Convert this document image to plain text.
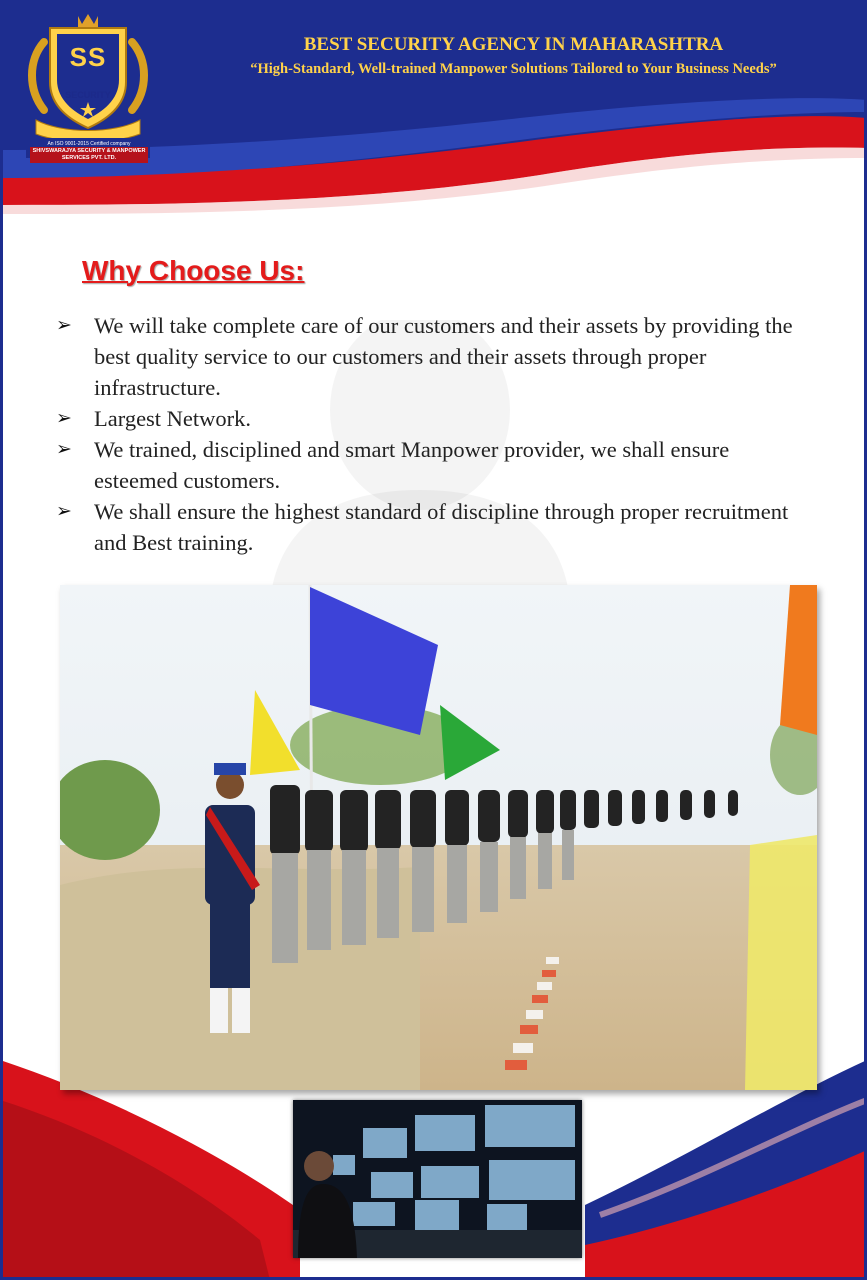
SS
SECURITY
An ISO 9001-2015 Certified company
SHIVSWARAJYA SECURITY & MANPOWER SERVICES PVT. LTD.
BEST SECURITY AGENCY IN MAHARASHTRA
“High-Standard, Well-trained Manpower Solutions Tailored to Your Business Needs”
Why Choose Us:
➢ We will take complete care of our customers and their assets by providing the best quality service to our customers and their assets through proper infrastructure.
➢ Largest Network.
➢ We trained, disciplined and smart Manpower provider, we shall ensure esteemed customers.
➢ We shall ensure the highest standard of discipline through proper recruitment and Best training.
